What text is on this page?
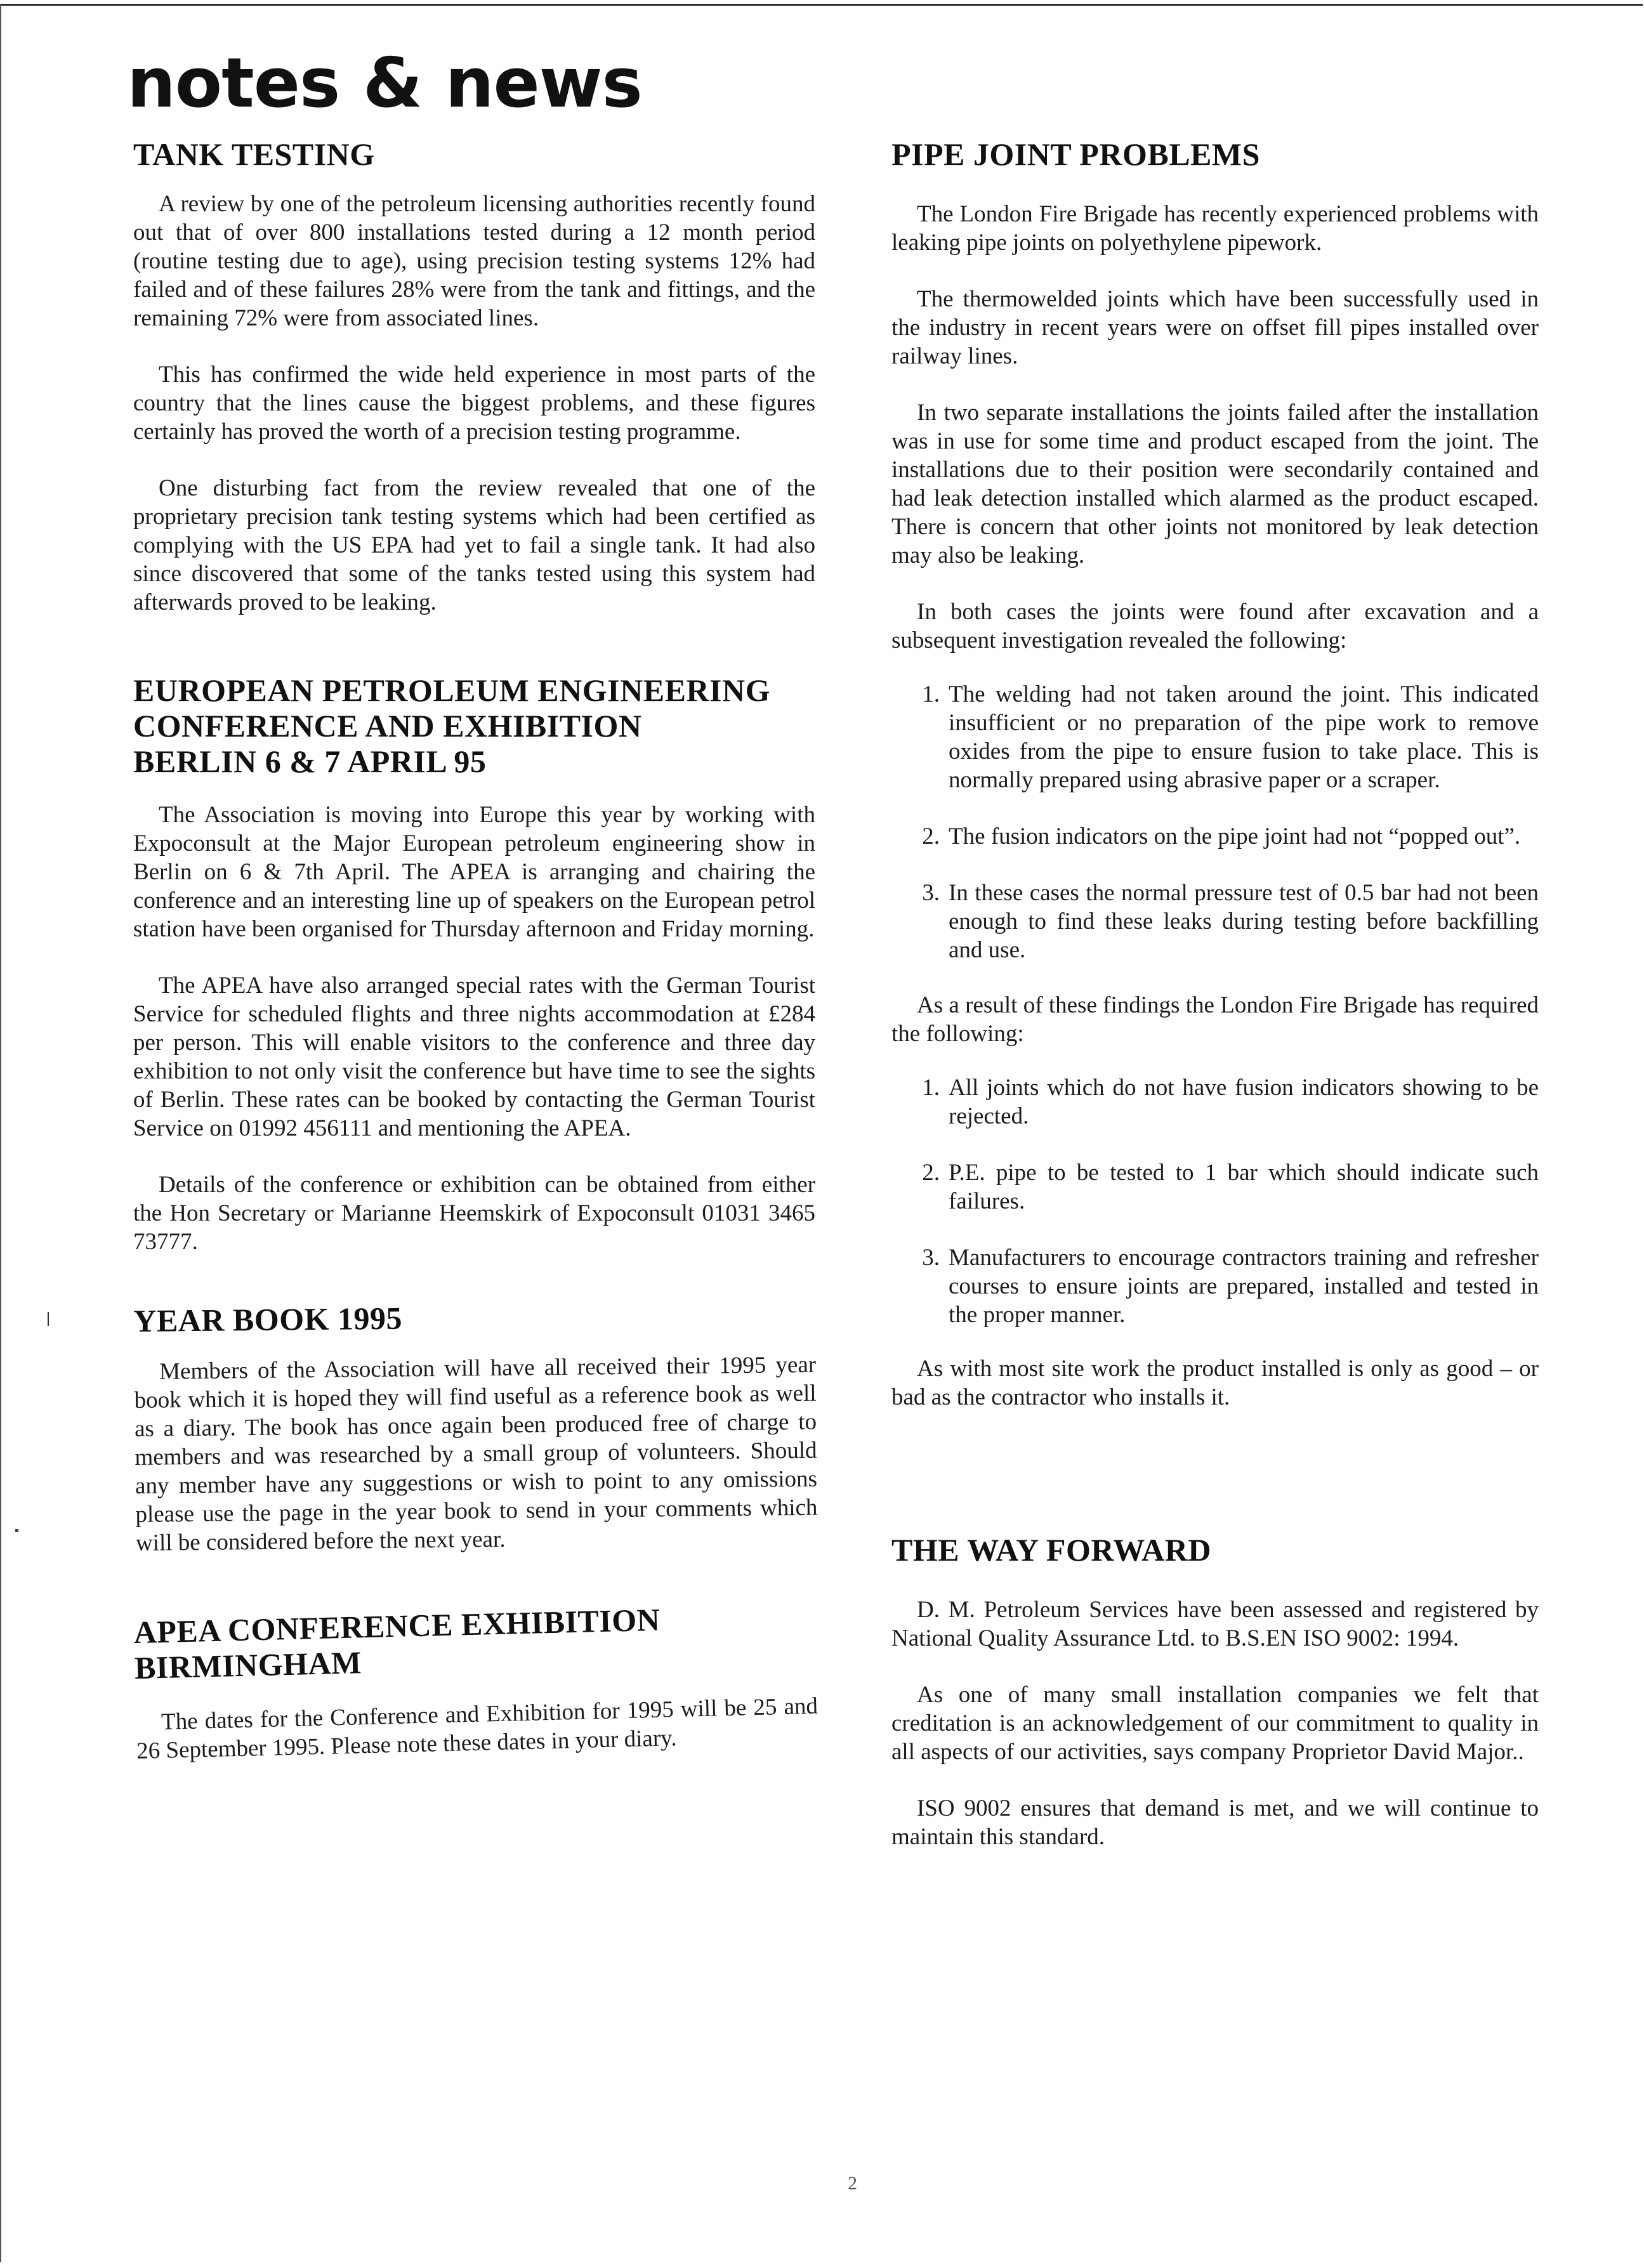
notes & news
TANK TESTING

A review by one of the petroleum licensing authorities recently found out that of over 800 installations tested during a 12 month period (routine testing due to age), using precision testing systems 12% had failed and of these failures 28% were from the tank and fittings, and the remaining 72% were from associated lines.

This has confirmed the wide held experience in most parts of the country that the lines cause the biggest problems, and these figures certainly has proved the worth of a precision testing programme.

One disturbing fact from the review revealed that one of the proprietary precision tank testing systems which had been certified as complying with the US EPA had yet to fail a single tank. It had also since discovered that some of the tanks tested using this system had afterwards proved to be leaking.

EUROPEAN PETROLEUM ENGINEERING
CONFERENCE AND EXHIBITION
BERLIN 6 & 7 APRIL 95

The Association is moving into Europe this year by working with Expoconsult at the Major European petroleum engineering show in Berlin on 6 & 7th April. The APEA is arranging and chairing the conference and an interesting line up of speakers on the European petrol station have been organised for Thursday afternoon and Friday morning.

The APEA have also arranged special rates with the German Tourist Service for scheduled flights and three nights accommodation at £284 per person. This will enable visitors to the conference and three day exhibition to not only visit the conference but have time to see the sights of Berlin. These rates can be booked by contacting the German Tourist Service on 01992 456111 and mentioning the APEA.

Details of the conference or exhibition can be obtained from either the Hon Secretary or Marianne Heemskirk of Expoconsult 01031 3465 73777.

YEAR BOOK 1995

Members of the Association will have all received their 1995 year book which it is hoped they will find useful as a reference book as well as a diary. The book has once again been produced free of charge to members and was researched by a small group of volunteers. Should any member have any suggestions or wish to point to any omissions please use the page in the year book to send in your comments which will be considered before the next year.

APEA CONFERENCE EXHIBITION
BIRMINGHAM

The dates for the Conference and Exhibition for 1995 will be 25 and 26 September 1995. Please note these dates in your diary.

PIPE JOINT PROBLEMS

The London Fire Brigade has recently experienced problems with leaking pipe joints on polyethylene pipework.

The thermowelded joints which have been successfully used in the industry in recent years were on offset fill pipes installed over railway lines.

In two separate installations the joints failed after the installation was in use for some time and product escaped from the joint. The installations due to their position were secondarily contained and had leak detection installed which alarmed as the product escaped. There is concern that other joints not monitored by leak detection may also be leaking.

In both cases the joints were found after excavation and a subsequent investigation revealed the following:

1. The welding had not taken around the joint. This indicated insufficient or no preparation of the pipe work to remove oxides from the pipe to ensure fusion to take place. This is normally prepared using abrasive paper or a scraper.
2. The fusion indicators on the pipe joint had not “popped out”.
3. In these cases the normal pressure test of 0.5 bar had not been enough to find these leaks during testing before backfilling and use.

As a result of these findings the London Fire Brigade has required the following:

1. All joints which do not have fusion indicators showing to be rejected.
2. P.E. pipe to be tested to 1 bar which should indicate such failures.
3. Manufacturers to encourage contractors training and refresher courses to ensure joints are prepared, installed and tested in the proper manner.

As with most site work the product installed is only as good – or bad as the contractor who installs it.

THE WAY FORWARD

D. M. Petroleum Services have been assessed and registered by National Quality Assurance Ltd. to B.S.EN ISO 9002: 1994.

As one of many small installation companies we felt that creditation is an acknowledgement of our commitment to quality in all aspects of our activities, says company Proprietor David Major..

ISO 9002 ensures that demand is met, and we will continue to maintain this standard.

2
